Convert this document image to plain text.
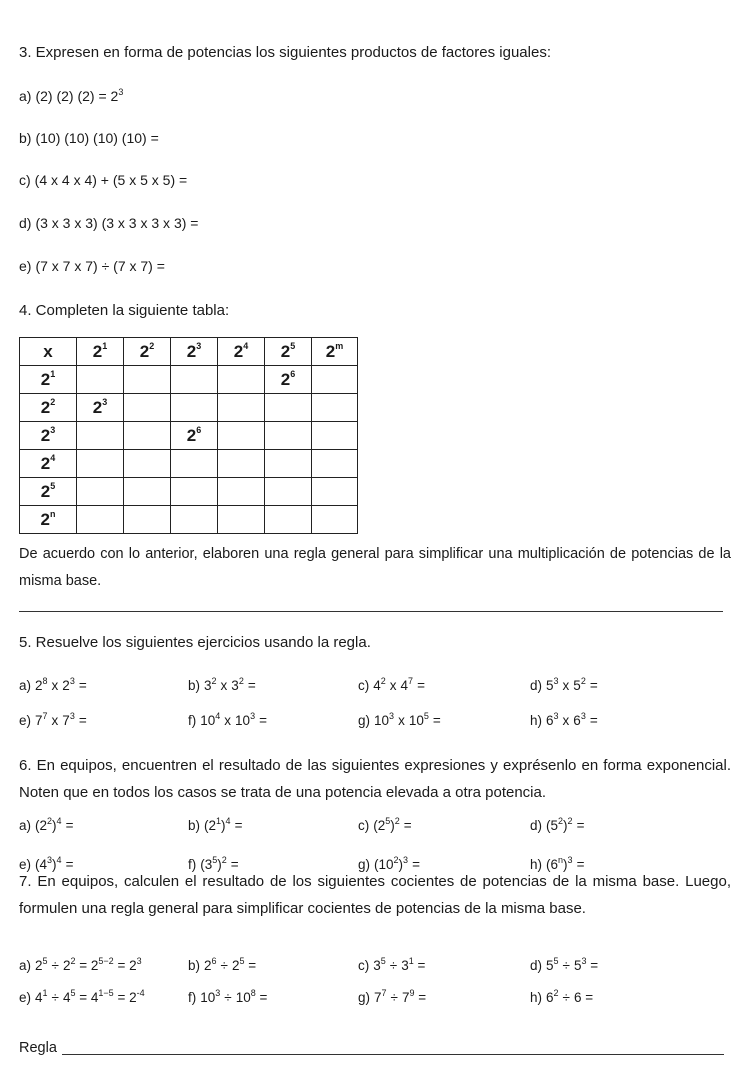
3. Expresen en forma de potencias los siguientes productos de factores iguales:
a) (2) (2) $(2) = 2^3$
b) (10) (10) (10) (10) =
c) (4 x 4 x 4) + (5 x 5 x 5) =
d) (3 x 3 x 3) (3 x 3 x 3 x 3) =
e) (7 x 7 x 7) ÷ (7 x 7) =
4. Completen la siguiente tabla:
x	$2^1$	$2^2$	$2^3$	$2^4$	$2^5$	2$^m$
$2^1$					$2^6$	
$2^2$	$2^3$					
$2^3$			$2^6$			
$2^4$						
$2^5$						
2$^n$						
De acuerdo con lo anterior, elaboren una regla general para simplificar una multiplicación de potencias de la misma base.
5. Resuelve los siguientes ejercicios usando la regla.
a) $2^8$ x $2^3$ =	b) $3^2$ x $3^2$ =	c) $4^2$ x $4^7$ =	d) $5^3$ x $5^2$ =
e) $7^7$ x $7^3$ =	f) $10^4$ x $10^3$ =	g) $10^3$ x $10^5$ =	h) $6^3$ x $6^3$ =
6. En equipos, encuentren el resultado de las siguientes expresiones y exprésenlo en forma exponencial. Noten que en todos los casos se trata de una potencia elevada a otra potencia.
a) $(2^2)^4$ =	b) $(2^1)^4$ =	c) $(2^5)^2$ =	d) $(5^2)^2$ =
e) $(4^3)^4$ =	f) $(3^5)^2$ =	g) $(10^2)^3$ =	h) $(6^n)^3$ =
7. En equipos, calculen el resultado de los siguientes cocientes de potencias de la misma base. Luego, formulen una regla general para simplificar cocientes de potencias de la misma base.
a) $2^5 \div 2^2 = 2^{5-2} = 2^3$	b) $2^6 \div 2^5$ =	c) $3^5 \div 3^1$ =	d) $5^5 \div 5^3$ =
e) $4^1 \div 4^5 = 4^{1-5} = 2^{-4}$	f) $10^3 \div 10^8$ =	g) $7^7 \div 7^9$ =	h) $6^2 \div 6$ =
Regla
